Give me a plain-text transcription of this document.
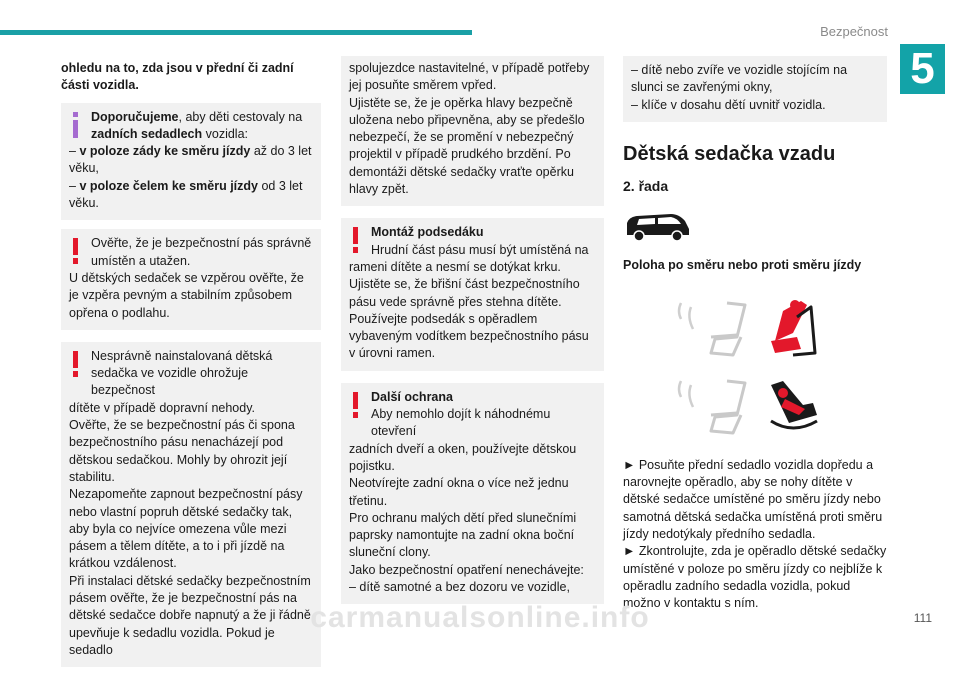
Bezpečnost
5

ohledu na to, zda jsou v přední či zadní části vozidla.

Doporučujeme, aby děti cestovaly na

zadních sedadlech vozidla:

– v poloze zády ke směru jízdy až do 3 let věku,

– v poloze čelem ke směru jízdy od 3 let věku.

Ověřte, že je bezpečnostní pás správně umístěn a utažen.

U dětských sedaček se vzpěrou ověřte, že je vzpěra pevným a stabilním způsobem opřena o podlahu.

Nesprávně nainstalovaná dětská sedačka ve vozidle ohrožuje bezpečnost

dítěte v případě dopravní nehody.

Ověřte, že se bezpečnostní pás či spona bezpečnostního pásu nenacházejí pod dětskou sedačkou. Mohly by ohrozit její stabilitu.

Nezapomeňte zapnout bezpečnostní pásy nebo vlastní popruh dětské sedačky tak, aby byla co nejvíce omezena vůle mezi pásem a tělem dítěte, a to i při jízdě na krátkou vzdálenost.

Při instalaci dětské sedačky bezpečnostním pásem ověřte, že je bezpečnostní pás na dětské sedačce dobře napnutý a že ji řádně upevňuje k sedadlu vozidla. Pokud je sedadlo

spolujezdce nastavitelné, v případě potřeby jej posuňte směrem vpřed.

Ujistěte se, že je opěrka hlavy bezpečně uložena nebo připevněna, aby se předešlo nebezpečí, že se promění v nebezpečný projektil v případě prudkého brzdění. Po demontáži dětské sedačky vraťte opěrku hlavy zpět.

Montáž podsedáku

Hrudní část pásu musí být umístěná na

rameni dítěte a nesmí se dotýkat krku.

Ujistěte se, že břišní část bezpečnostního pásu vede správně přes stehna dítěte.

Používejte podsedák s opěradlem vybaveným vodítkem bezpečnostního pásu v úrovni ramen.

Další ochrana

Aby nemohlo dojít k náhodnému otevření

zadních dveří a oken, používejte dětskou pojistku.

Neotvírejte zadní okna o více než jednu třetinu.

Pro ochranu malých dětí před slunečními paprsky namontujte na zadní okna boční sluneční clony.

Jako bezpečnostní opatření nenechávejte:

– dítě samotné a bez dozoru ve vozidle,

– dítě nebo zvíře ve vozidle stojícím na slunci se zavřenými okny,

– klíče v dosahu dětí uvnitř vozidla.

Dětská sedačka vzadu

2. řada

Poloha po směru nebo proti směru jízdy

► Posuňte přední sedadlo vozidla dopředu a narovnejte opěradlo, aby se nohy dítěte v dětské sedačce umístěné po směru jízdy nebo samotná dětská sedačka umístěná proti směru jízdy nedotýkaly předního sedadla.

► Zkontrolujte, zda je opěradlo dětské sedačky umístěné v poloze po směru jízdy co nejblíže k opěradlu zadního sedadla vozidla, pokud možno v kontaktu s ním.

carmanualsonline.info	111
